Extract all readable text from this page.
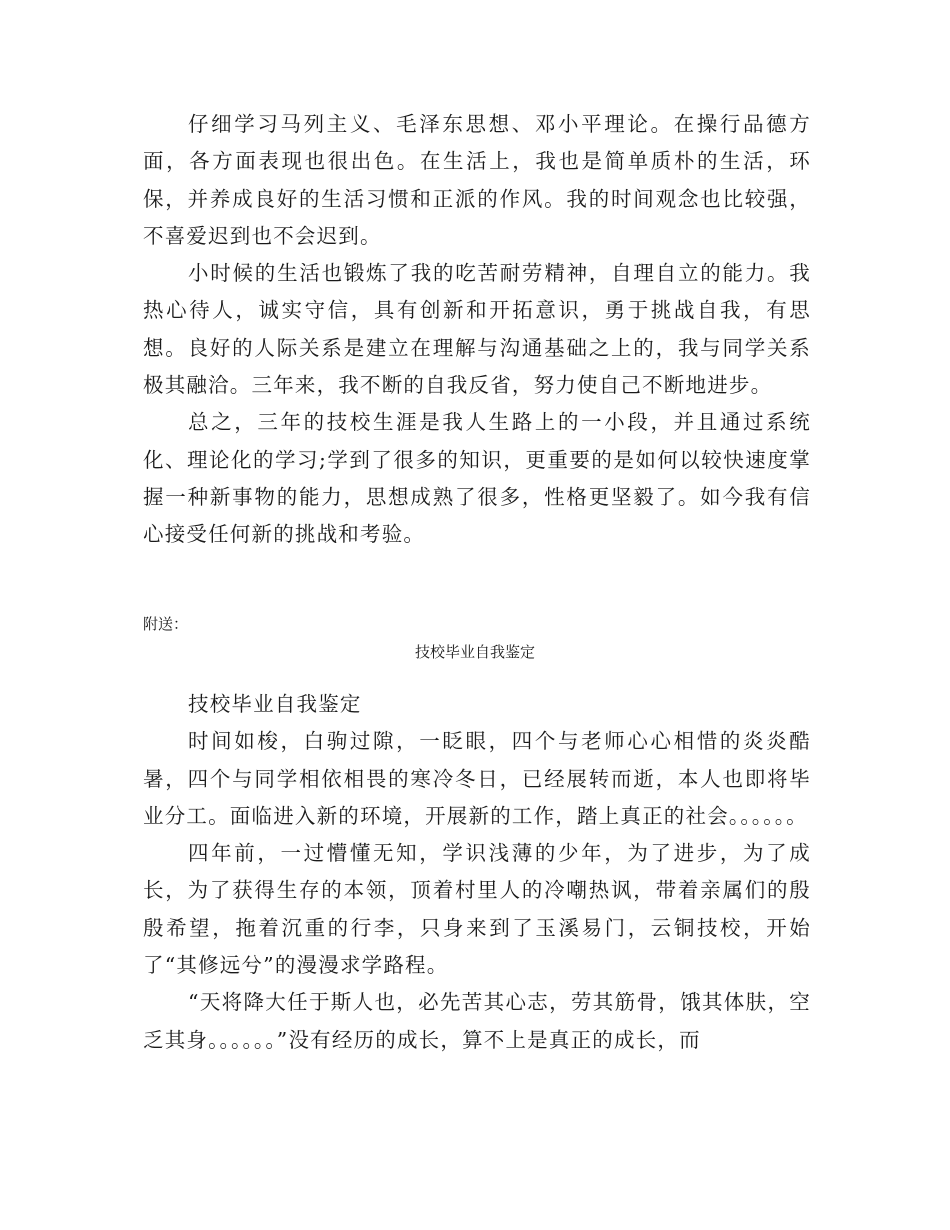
仔细学习马列主义、毛泽东思想、邓小平理论。在操行品德方面，各方面表现也很出色。在生活上，我也是简单质朴的生活，环保，并养成良好的生活习惯和正派的作风。我的时间观念也比较强，不喜爱迟到也不会迟到。

小时候的生活也锻炼了我的吃苦耐劳精神，自理自立的能力。我热心待人，诚实守信，具有创新和开拓意识，勇于挑战自我，有思想。良好的人际关系是建立在理解与沟通基础之上的，我与同学关系极其融洽。三年来，我不断的自我反省，努力使自己不断地进步。

总之，三年的技校生涯是我人生路上的一小段，并且通过系统化、理论化的学习;学到了很多的知识，更重要的是如何以较快速度掌握一种新事物的能力，思想成熟了很多，性格更坚毅了。如今我有信心接受任何新的挑战和考验。

附送：

技校毕业自我鉴定

技校毕业自我鉴定

时间如梭，白驹过隙，一眨眼，四个与老师心心相惜的炎炎酷暑，四个与同学相依相畏的寒冷冬日，已经展转而逝，本人也即将毕业分工。面临进入新的环境，开展新的工作，踏上真正的社会。。。。。。

四年前，一过懵懂无知，学识浅薄的少年，为了进步，为了成长，为了获得生存的本领，顶着村里人的冷嘲热讽，带着亲属们的殷殷希望，拖着沉重的行李，只身来到了玉溪易门，云铜技校，开始了“其修远兮”的漫漫求学路程。

“天将降大任于斯人也，必先苦其心志，劳其筋骨，饿其体肤，空乏其身。。。。。。”没有经历的成长，算不上是真正的成长，而
